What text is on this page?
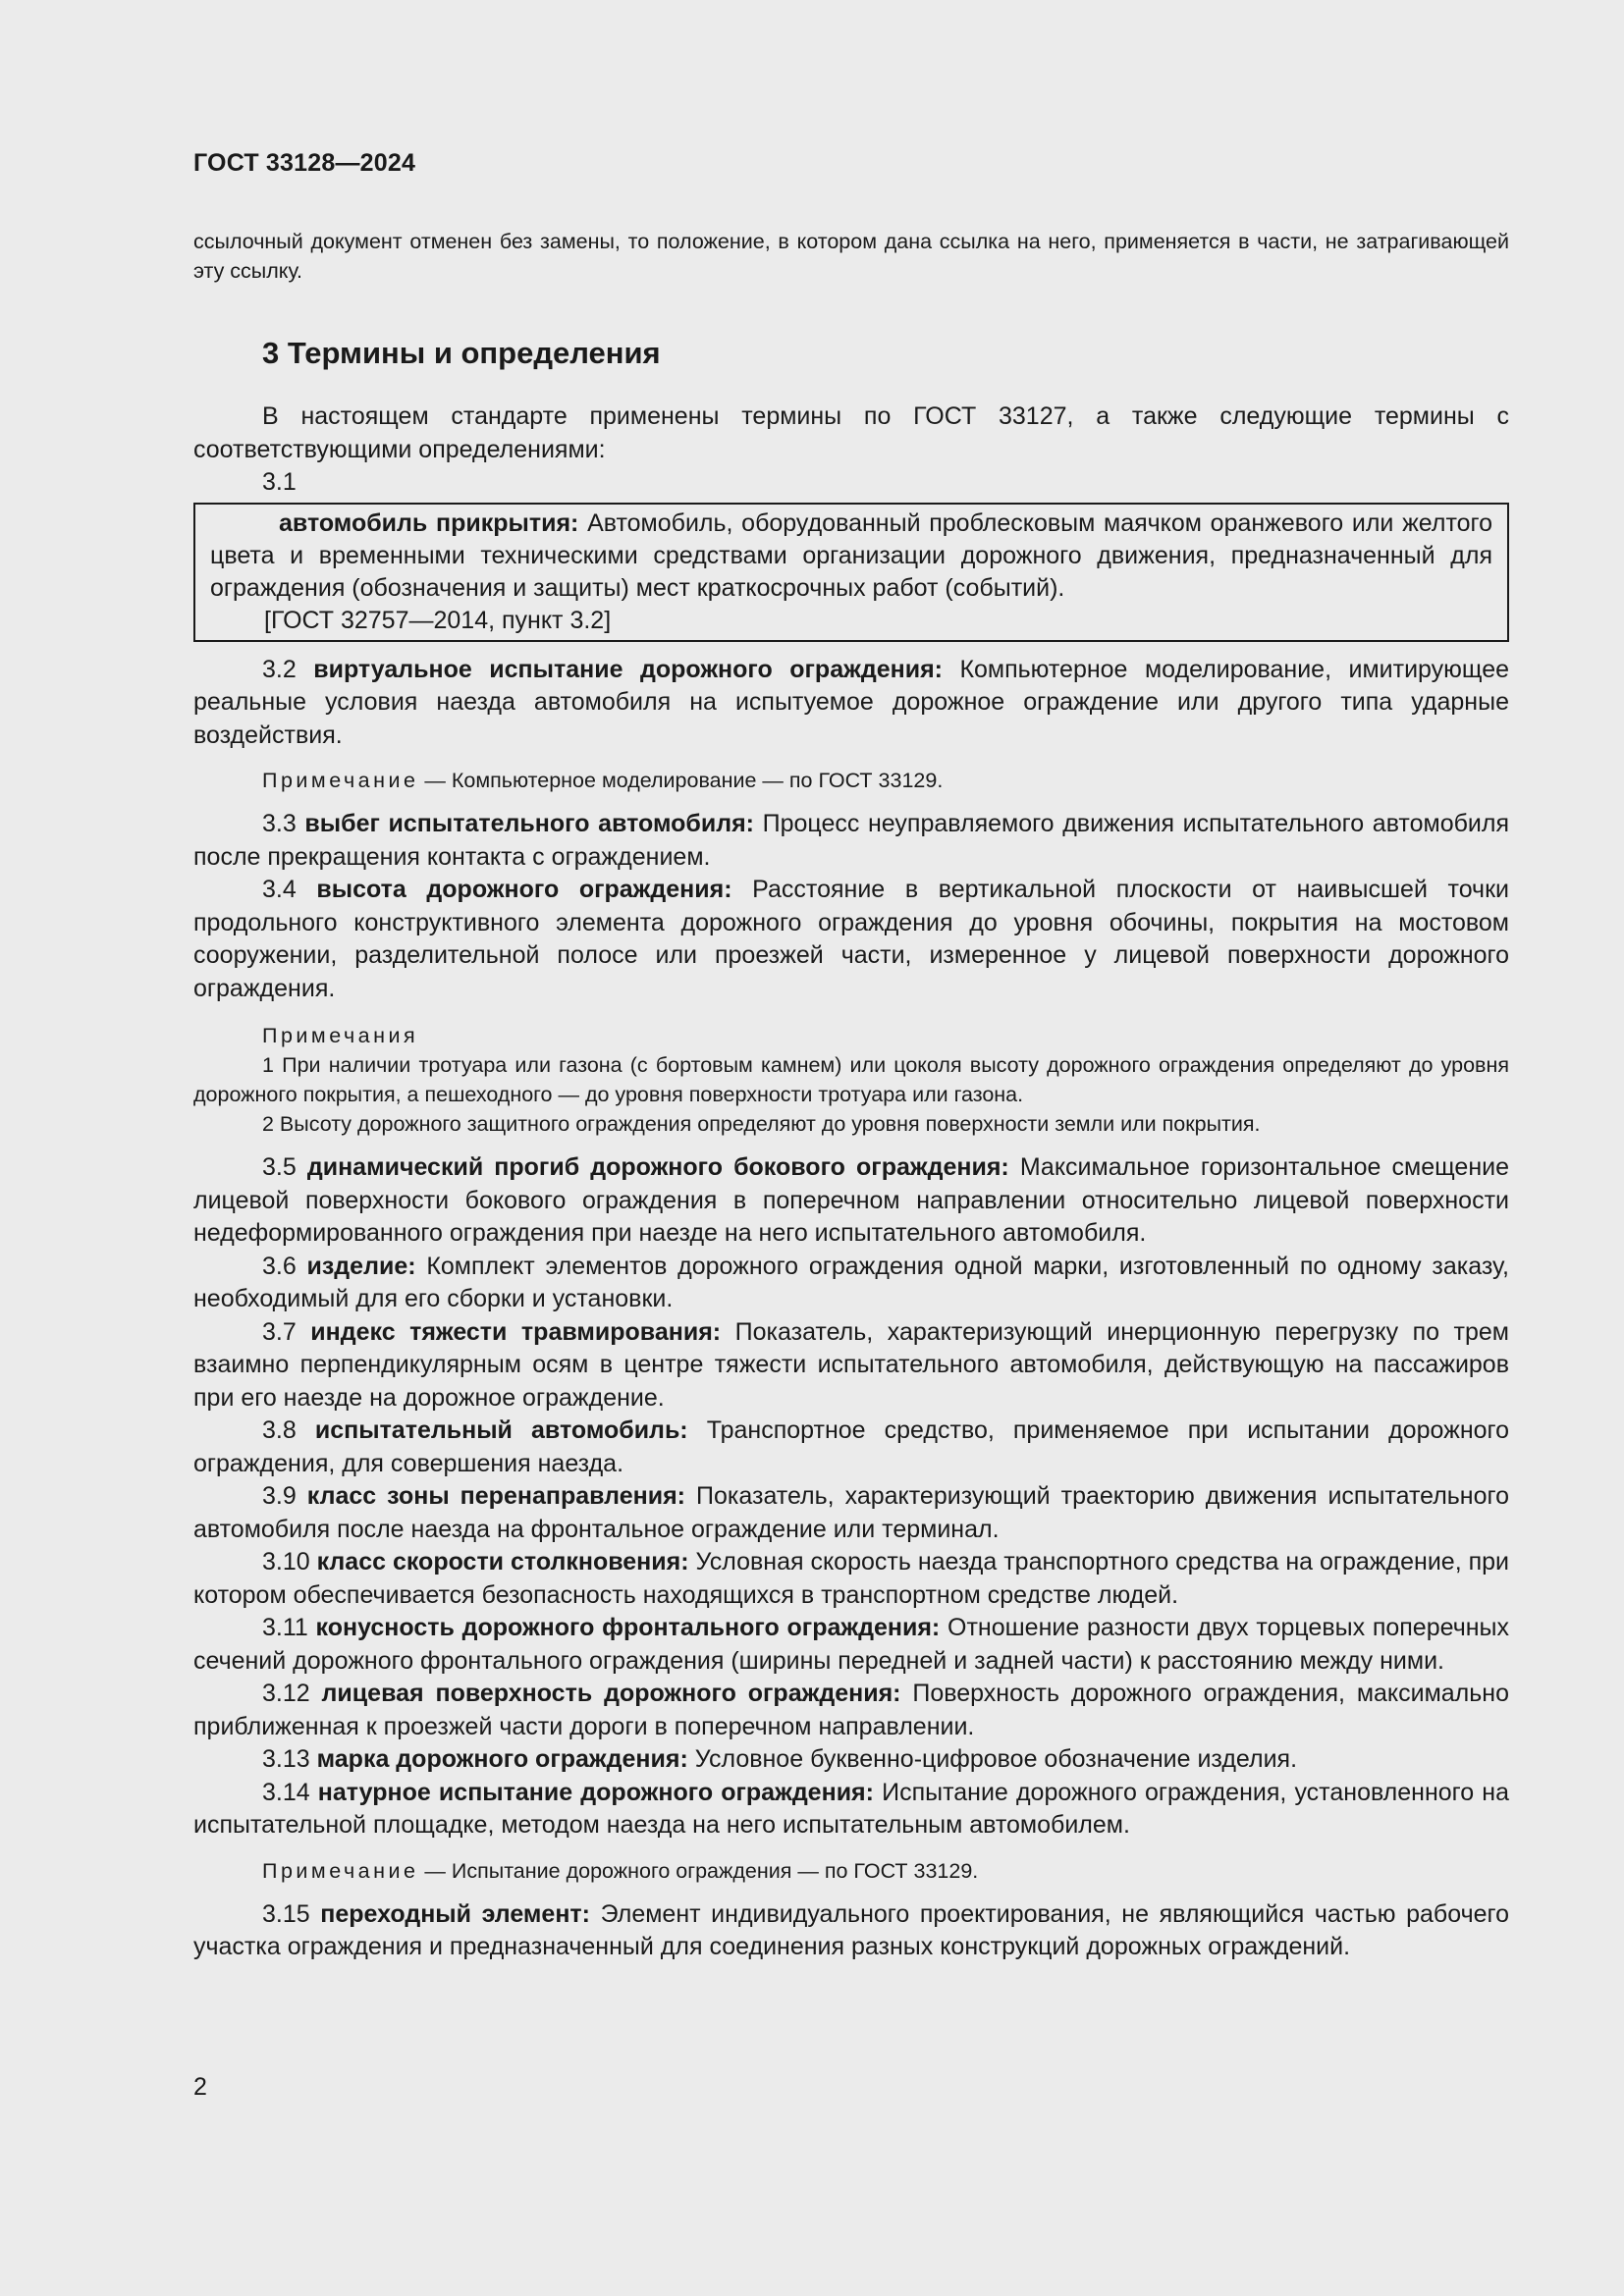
ГОСТ 33128—2024

ссылочный документ отменен без замены, то положение, в котором дана ссылка на него, применяется в части, не затрагивающей эту ссылку.

3 Термины и определения

В настоящем стандарте применены термины по ГОСТ 33127, а также следующие термины с соответствующими определениями:

3.1

автомобиль прикрытия: Автомобиль, оборудованный проблесковым маячком оранжевого или желтого цвета и временными техническими средствами организации дорожного движения, предназначенный для ограждения (обозначения и защиты) мест краткосрочных работ (событий).

[ГОСТ 32757—2014, пункт 3.2]

3.2 виртуальное испытание дорожного ограждения: Компьютерное моделирование, имитирующее реальные условия наезда автомобиля на испытуемое дорожное ограждение или другого типа ударные воздействия.

Примечание — Компьютерное моделирование — по ГОСТ 33129.

3.3 выбег испытательного автомобиля: Процесс неуправляемого движения испытательного автомобиля после прекращения контакта с ограждением.

3.4 высота дорожного ограждения: Расстояние в вертикальной плоскости от наивысшей точки продольного конструктивного элемента дорожного ограждения до уровня обочины, покрытия на мостовом сооружении, разделительной полосе или проезжей части, измеренное у лицевой поверхности дорожного ограждения.

Примечания

1 При наличии тротуара или газона (с бортовым камнем) или цоколя высоту дорожного ограждения определяют до уровня дорожного покрытия, а пешеходного — до уровня поверхности тротуара или газона.

2 Высоту дорожного защитного ограждения определяют до уровня поверхности земли или покрытия.

3.5 динамический прогиб дорожного бокового ограждения: Максимальное горизонтальное смещение лицевой поверхности бокового ограждения в поперечном направлении относительно лицевой поверхности недеформированного ограждения при наезде на него испытательного автомобиля.

3.6 изделие: Комплект элементов дорожного ограждения одной марки, изготовленный по одному заказу, необходимый для его сборки и установки.

3.7 индекс тяжести травмирования: Показатель, характеризующий инерционную перегрузку по трем взаимно перпендикулярным осям в центре тяжести испытательного автомобиля, действующую на пассажиров при его наезде на дорожное ограждение.

3.8 испытательный автомобиль: Транспортное средство, применяемое при испытании дорожного ограждения, для совершения наезда.

3.9 класс зоны перенаправления: Показатель, характеризующий траекторию движения испытательного автомобиля после наезда на фронтальное ограждение или терминал.

3.10 класс скорости столкновения: Условная скорость наезда транспортного средства на ограждение, при котором обеспечивается безопасность находящихся в транспортном средстве людей.

3.11 конусность дорожного фронтального ограждения: Отношение разности двух торцевых поперечных сечений дорожного фронтального ограждения (ширины передней и задней части) к расстоянию между ними.

3.12 лицевая поверхность дорожного ограждения: Поверхность дорожного ограждения, максимально приближенная к проезжей части дороги в поперечном направлении.

3.13 марка дорожного ограждения: Условное буквенно-цифровое обозначение изделия.

3.14 натурное испытание дорожного ограждения: Испытание дорожного ограждения, установленного на испытательной площадке, методом наезда на него испытательным автомобилем.

Примечание — Испытание дорожного ограждения — по ГОСТ 33129.

3.15 переходный элемент: Элемент индивидуального проектирования, не являющийся частью рабочего участка ограждения и предназначенный для соединения разных конструкций дорожных ограждений.

2
